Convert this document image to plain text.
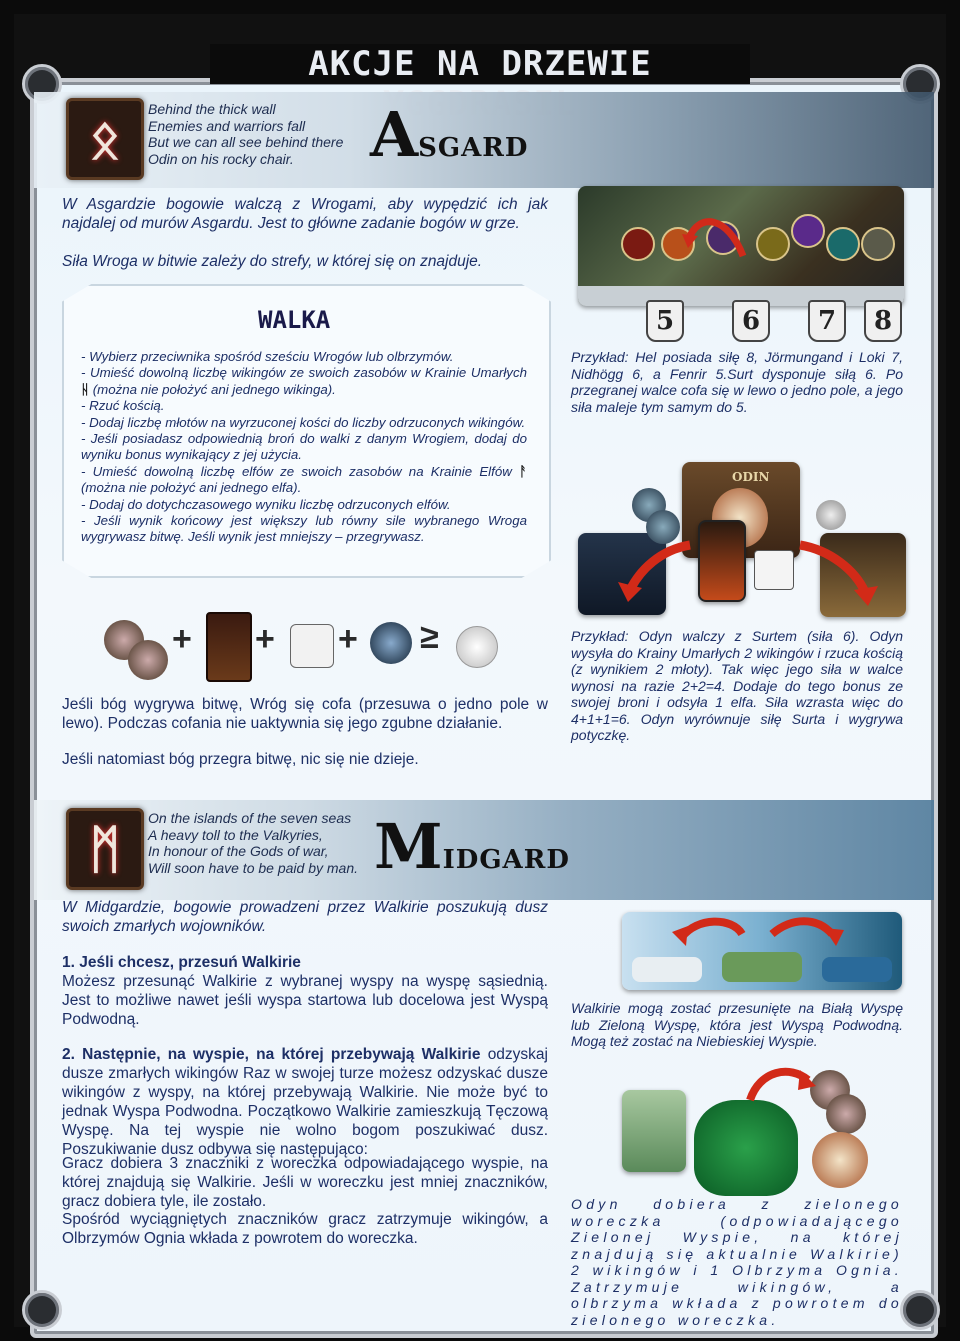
AKCJE NA DRZEWIE
ᛟ	Behind the thick wall
Enemies and warriors fall
But we can all see behind there
Odin on his rocky chair.	ASGARD
W Asgardzie bogowie walczą z Wrogami, aby wypędzić ich jak najdalej od murów Asgardu. Jest to główne zadanie bogów w grze.
Siła Wroga w bitwie zależy do strefy, w której się on znajduje.
5	6	7	8
Przykład: Hel posiada siłę 8, Jörmungand i Loki 7, Nidhögg 6, a Fenrir 5.Surt dysponuje siłą 6. Po przegranej walce cofa się w lewo o jedno pole, a jego siła maleje tym samym do 5.
WALKA
- Wybierz przeciwnika spośród sześciu Wrogów lub olbrzymów.
- Umieść dowolną liczbę wikingów ze swoich zasobów w Krainie Umarłych ᚺ (można nie położyć ani jednego wikinga).
- Rzuć kością.
- Dodaj liczbę młotów na wyrzuconej kości do liczby odrzuconych wikingów.
- Jeśli posiadasz odpowiednią broń do walki z danym Wrogiem, dodaj do wyniku bonus wynikający z jej użycia.
- Umieść dowolną liczbę elfów ze swoich zasobów na Krainie Elfów ᚨ (można nie położyć ani jednego elfa).
- Dodaj do dotychczasowego wyniku liczbę odrzuconych elfów.
- Jeśli wynik końcowy jest większy lub równy sile wybranego Wroga wygrywasz bitwę. Jeśli wynik jest mniejszy – przegrywasz.
ODIN
+ + + ≥
Jeśli bóg wygrywa bitwę, Wróg się cofa (przesuwa o jedno pole w lewo). Podczas cofania nie uaktywnia się jego zgubne działanie.
Jeśli natomiast bóg przegra bitwę, nic się nie dzieje.
Przykład: Odyn walczy z Surtem (siła 6). Odyn wysyła do Krainy Umarłych 2 wikingów i rzuca kością (z wynikiem 2 młoty). Tak więc jego siła w walce wynosi na razie 2+2=4. Dodaje do tego bonus ze swojej broni i odsyła 1 elfa. Siła wzrasta więc do 4+1+1=6. Odyn wyrównuje siłę Surta i wygrywa potyczkę.
ᛗ
On the islands of the seven seas
A heavy toll to the Valkyries,
In honour of the Gods of war,
Will soon have to be paid by man. MIDGARD
W Midgardzie, bogowie prowadzeni przez Walkirie poszukują dusz swoich zmarłych wojowników.
1. Jeśli chcesz, przesuń Walkirie
Możesz przesunąć Walkirie z wybranej wyspy na wyspę sąsiednią. Jest to możliwe nawet jeśli wyspa startowa lub docelowa jest Wyspą Podwodną.
2. Następnie, na wyspie, na której przebywają Walkirie odzyskaj dusze zmarłych wikingów Raz w swojej turze możesz odzyskać dusze wikingów z wyspy, na której przebywają Walkirie. Nie może być to jednak Wyspa Podwodna. Początkowo Walkirie zamieszkują Tęczową Wyspę. Na tej wyspie nie wolno bogom poszukiwać dusz. Poszukiwanie dusz odbywa się następująco:
Gracz dobiera 3 znaczniki z woreczka odpowiadającego wyspie, na której znajdują się Walkirie. Jeśli w woreczku jest mniej znaczników, gracz dobiera tyle, ile zostało.
Spośród wyciągniętych znaczników gracz zatrzymuje wikingów, a Olbrzymów Ognia wkłada z powrotem do woreczka.
Walkirie mogą zostać przesunięte na Białą Wyspę lub Zieloną Wyspę, która jest Wyspą Podwodną. Mogą też zostać na Niebieskiej Wyspie.
Odyn dobiera z zielonego woreczka (odpowiadającego Zielonej Wyspie, na której znajdują się aktualnie Walkirie) 2 wikingów i 1 Olbrzyma Ognia. Zatrzymuje wikingów, a olbrzyma wkłada z powrotem do zielonego woreczka.
